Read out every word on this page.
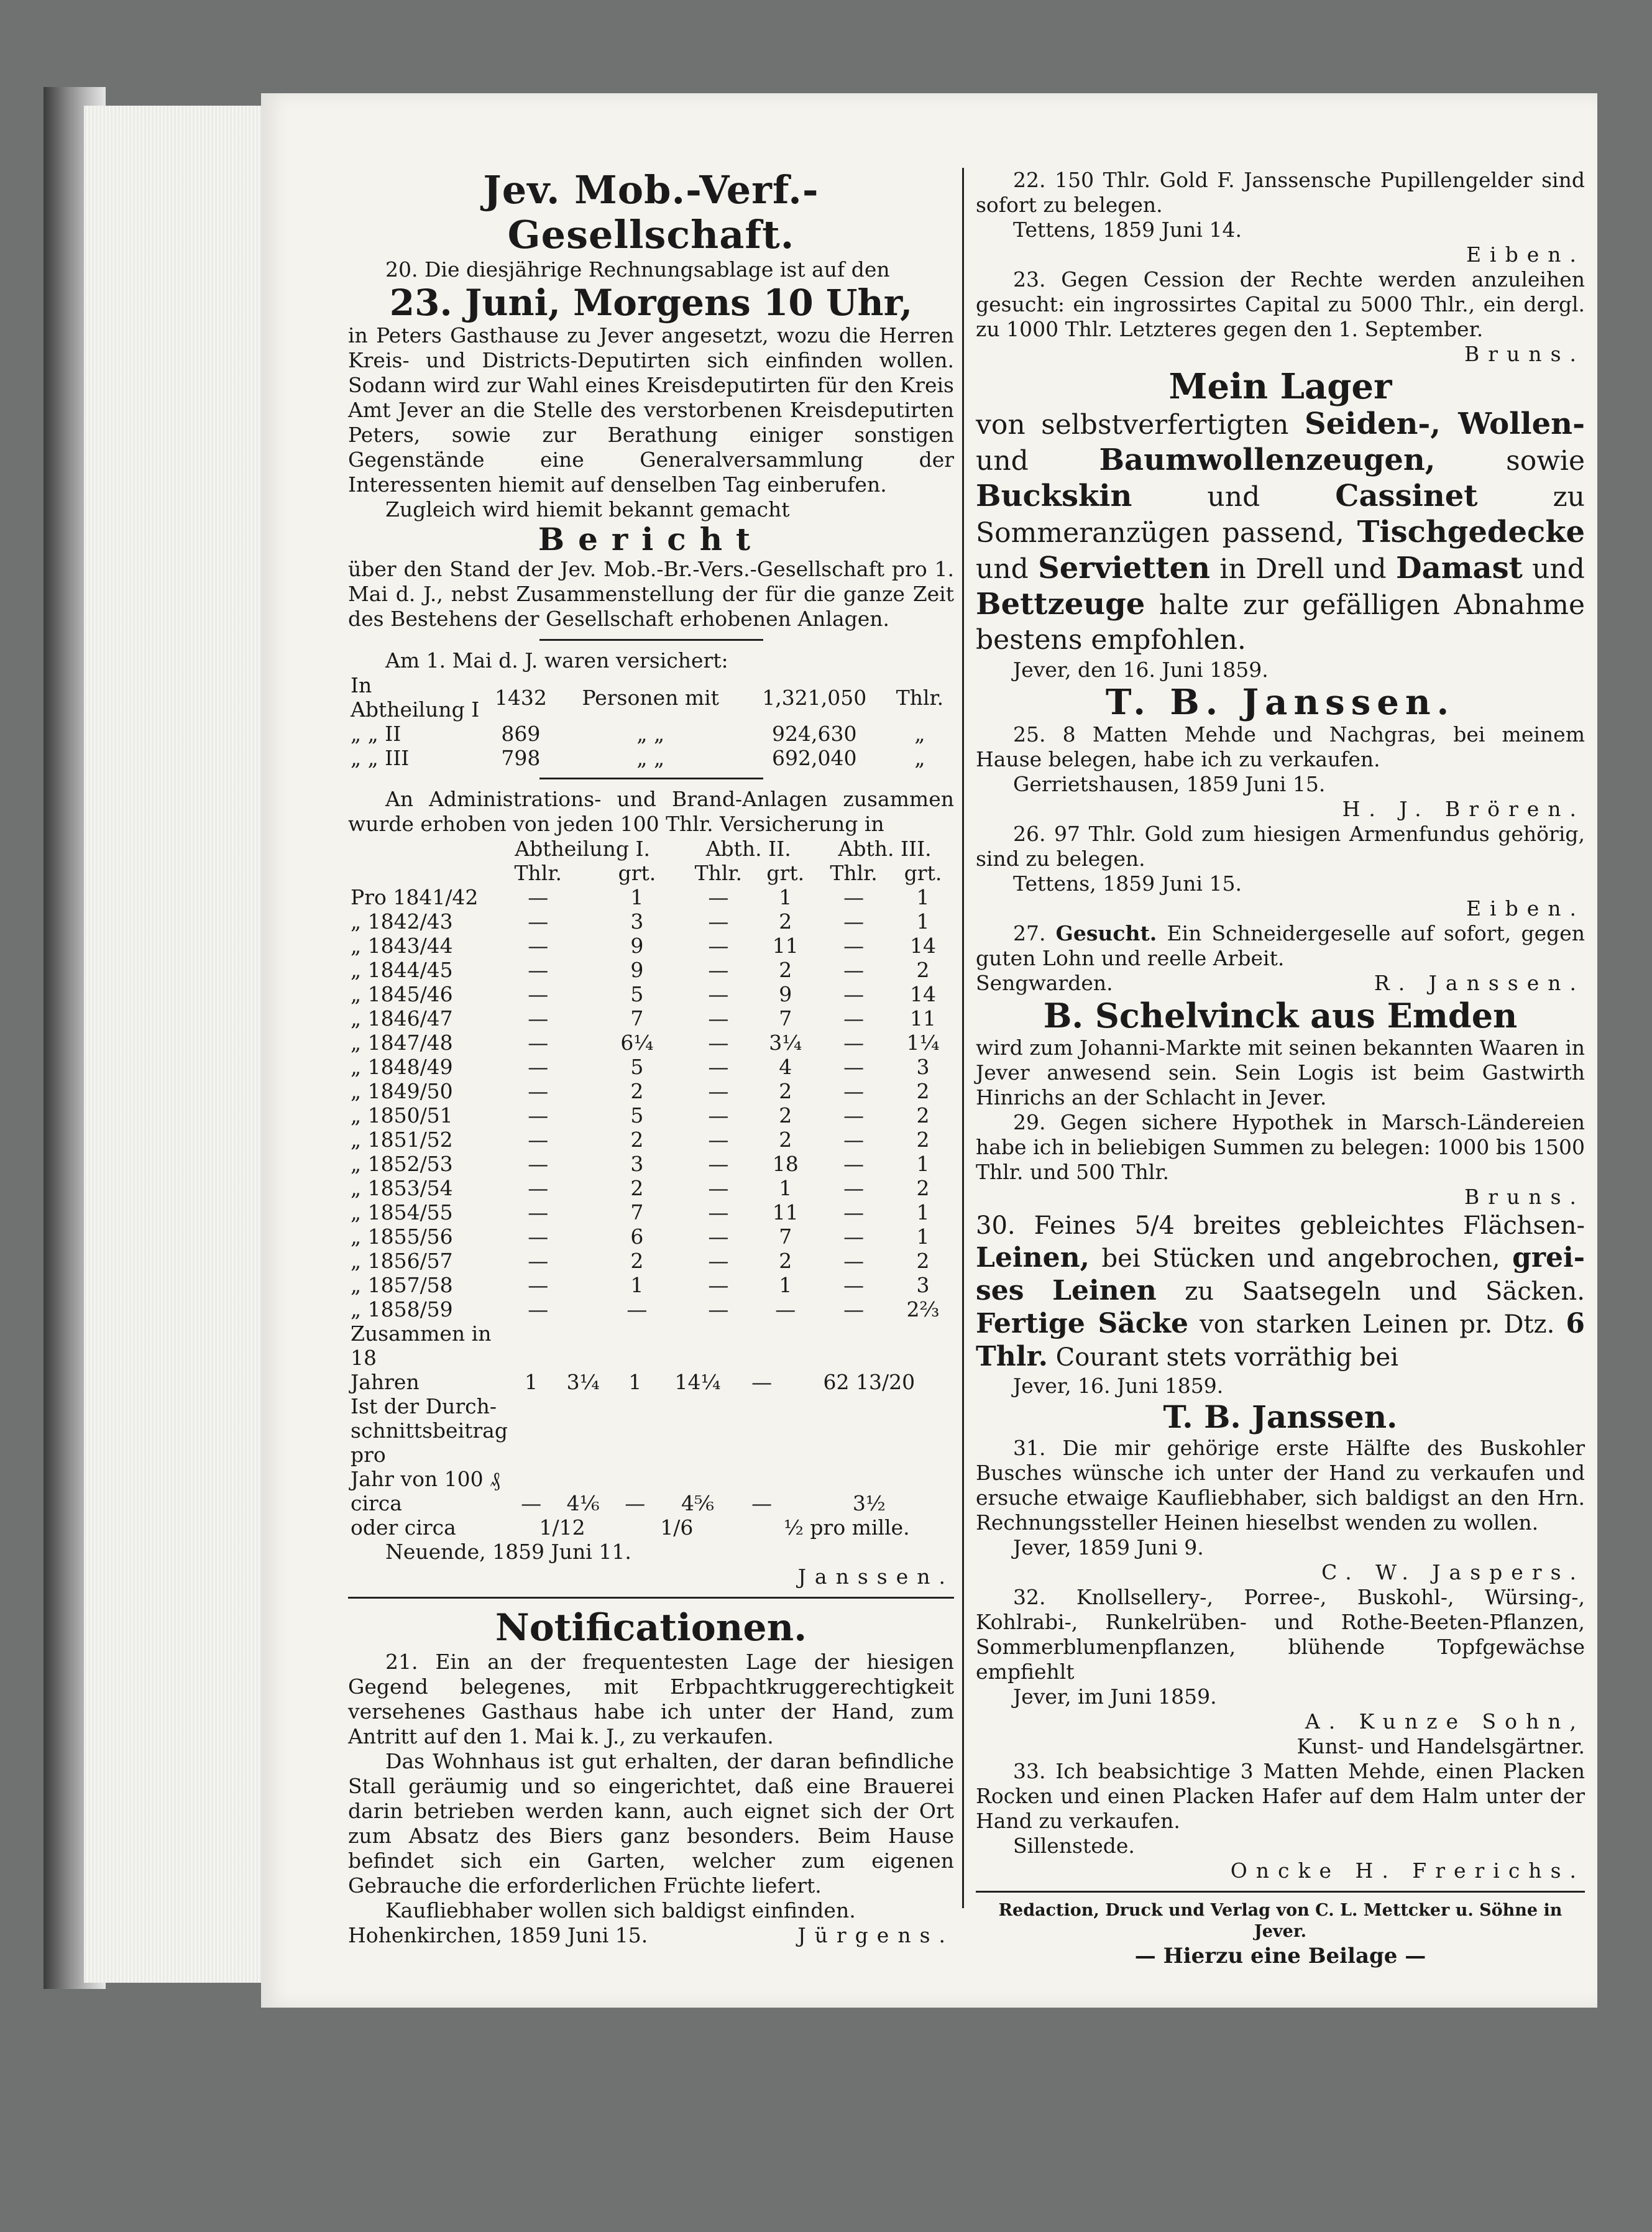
Jev. Mob.-Verf.-Gesellschaft.
20. Die diesjährige Rechnungsablage ist auf den
23. Juni, Morgens 10 Uhr,
in Peters Gasthause zu Jever angesetzt, wozu die Herren Kreis- und Districts-Deputirten sich einfinden wollen. Sodann wird zur Wahl eines Kreisdeputirten für den Kreis Amt Jever an die Stelle des verstorbenen Kreisdeputirten Peters, sowie zur Berathung einiger sonstigen Gegenstände eine Generalversammlung der Interessenten hiemit auf denselben Tag einberufen.
Zugleich wird hiemit bekannt gemacht
Bericht
über den Stand der Jev. Mob.-Br.-Vers.-Gesellschaft pro 1. Mai d. J., nebst Zusammenstellung der für die ganze Zeit des Bestehens der Gesellschaft erhobenen Anlagen.
Am 1. Mai d. J. waren versichert:
In Abtheilung I	1432	Personen mit	1,321,050	Thlr.
„ „ II	869	„ „	924,630	„
„ „ III	798	„ „	692,040	„
An Administrations- und Brand-Anlagen zusammen wurde erhoben von jeden 100 Thlr. Versicherung in
	Abtheilung I.		Abth. II.		Abth. III.	
	Thlr.	grt.	Thlr.	grt.	Thlr.	grt.
Pro 1841/42	—	1	—	1	—	1
„ 1842/43	—	3	—	2	—	1
„ 1843/44	—	9	—	11	—	14
„ 1844/45	—	9	—	2	—	2
„ 1845/46	—	5	—	9	—	14
„ 1846/47	—	7	—	7	—	11
„ 1847/48	—	6¼	—	3¼	—	1¼
„ 1848/49	—	5	—	4	—	3
„ 1849/50	—	2	—	2	—	2
„ 1850/51	—	5	—	2	—	2
„ 1851/52	—	2	—	2	—	2
„ 1852/53	—	3	—	18	—	1
„ 1853/54	—	2	—	1	—	2
„ 1854/55	—	7	—	11	—	1
„ 1855/56	—	6	—	7	—	1
„ 1856/57	—	2	—	2	—	2
„ 1857/58	—	1	—	1	—	3
„ 1858/59	—	—	—	—	—	2⅔
Zusammen in 18						
Jahren	1	3¼	1	14¼	—	62 13/20
Ist der Durch-						
schnittsbeitrag pro						
Jahr von 100 ₰						
circa	—	4⅙	—	4⅚	—	3½
oder circa	1/12		1/6		½ pro mille.	
Neuende, 1859 Juni 11.
Janssen.
Notificationen.
21. Ein an der frequentesten Lage der hiesigen Gegend belegenes, mit Erbpachtkruggerechtigkeit versehenes Gasthaus habe ich unter der Hand, zum Antritt auf den 1. Mai k. J., zu verkaufen.
Das Wohnhaus ist gut erhalten, der daran befindliche Stall geräumig und so eingerichtet, daß eine Brauerei darin betrieben werden kann, auch eignet sich der Ort zum Absatz des Biers ganz besonders. Beim Hause befindet sich ein Garten, welcher zum eigenen Gebrauche die erforderlichen Früchte liefert.
Kaufliebhaber wollen sich baldigst einfinden.
Hohenkirchen, 1859 Juni 15.	Jürgens.
22. 150 Thlr. Gold F. Janssensche Pupillengelder sind sofort zu belegen.
Tettens, 1859 Juni 14.
Eiben.
23. Gegen Cession der Rechte werden anzuleihen gesucht: ein ingrossirtes Capital zu 5000 Thlr., ein dergl. zu 1000 Thlr. Letzteres gegen den 1. September.
Bruns.
Mein Lager
von selbstverfertigten Seiden-, Wollen- und Baumwollenzeugen,	sowie Buckskin	und	Cassinet	zu Sommeranzügen passend, Tischgedecke und Servietten in Drell und Damast und Bettzeuge halte zur gefälligen Abnahme bestens empfohlen.
Jever, den 16. Juni 1859.
T. B. Janssen.
25. 8 Matten Mehde und Nachgras, bei meinem Hause belegen, habe ich zu verkaufen.
Gerrietshausen, 1859 Juni 15.
H. J. Brören.
26. 97 Thlr. Gold zum hiesigen Armenfundus gehörig, sind zu belegen.
Tettens, 1859 Juni 15.
Eiben.
27. Gesucht. Ein Schneidergeselle auf sofort, gegen guten Lohn und reelle Arbeit.
Sengwarden.	R. Janssen.
B. Schelvinck aus Emden
wird zum Johanni-Markte mit seinen bekannten Waaren in Jever anwesend sein. Sein Logis ist beim Gastwirth Hinrichs an der Schlacht in Jever.
29. Gegen sichere Hypothek in Marsch-Ländereien habe ich in beliebigen Summen zu belegen: 1000 bis 1500 Thlr. und 500 Thlr.
Bruns.
30. Feines 5/4 breites gebleichtes Flächsen- Leinen, bei Stücken und angebrochen, grei- ses Leinen zu Saatsegeln und Säcken. Fertige Säcke von starken Leinen pr. Dtz. 6 Thlr. Courant stets vorräthig bei
Jever, 16. Juni 1859.
T. B. Janssen.
31. Die mir gehörige erste Hälfte des Buskohler Busches wünsche ich unter der Hand zu verkaufen und ersuche etwaige Kaufliebhaber, sich baldigst an den Hrn. Rechnungssteller Heinen hieselbst wenden zu wollen.
Jever, 1859 Juni 9.
C. W. Jaspers.
32. Knollsellery-, Porree-, Buskohl-, Würsing-, Kohlrabi-, Runkelrüben- und Rothe-Beeten-Pflanzen, Sommerblumenpflanzen, blühende Topfgewächse empfiehlt
Jever, im Juni 1859.
A. Kunze Sohn,
Kunst- und Handelsgärtner.
33. Ich beabsichtige 3 Matten Mehde, einen Placken Rocken und einen Placken Hafer auf dem Halm unter der Hand zu verkaufen.
Sillenstede.
Oncke H. Frerichs.
Redaction, Druck und Verlag von C. L. Mettcker u. Söhne in Jever.
— Hierzu eine Beilage —
